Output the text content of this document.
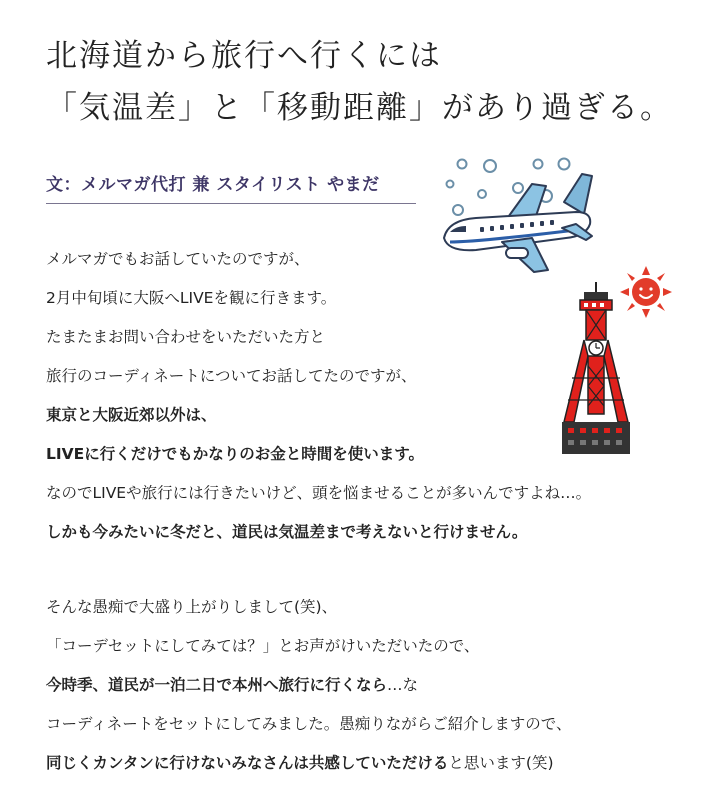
北海道から旅行へ行くには
「気温差」と「移動距離」があり過ぎる。
文：メルマガ代打 兼 スタイリスト やまだ
メルマガでもお話していたのですが、
2月中旬頃に大阪へLIVEを観に行きます。
たまたまお問い合わせをいただいた方と
旅行のコーディネートについてお話してたのですが、
東京と大阪近郊以外は、
LIVEに行くだけでもかなりのお金と時間を使います。
なのでLIVEや旅行には行きたいけど、頭を悩ませることが多いんですよね…。
しかも今みたいに冬だと、道民は気温差まで考えないと行けません。
そんな愚痴で大盛り上がりしまして(笑)、
「コーデセットにしてみては？」とお声がけいただいたので、
今時季、道民が一泊二日で本州へ旅行に行くなら…な
コーディネートをセットにしてみました。愚痴りながらご紹介しますので、
同じくカンタンに行けないみなさんは共感していただけると思います(笑)
